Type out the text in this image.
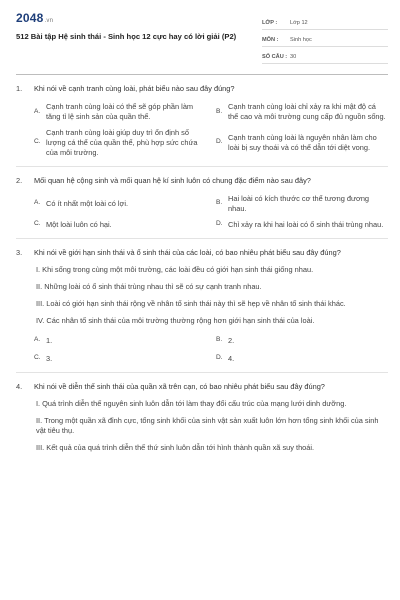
2048.vn
512 Bài tập Hệ sinh thái - Sinh học 12 cực hay có lời giải (P2)
LỚP :	Lớp 12
MÔN :	Sinh học
SỐ CÂU : 30
1.	Khi nói về cạnh tranh cùng loài, phát biểu nào sau đây đúng?
A.
Cạnh tranh cùng loài có thể sẽ góp phần làm tăng tỉ lệ sinh sản của quần thể.
B.
Cạnh tranh cùng loài chỉ xảy ra khi mật độ cá thể cao và môi trường cung cấp đủ nguồn sống.
C.
Cạnh tranh cùng loài giúp duy trì ổn định số lượng cá thể của quần thể, phù hợp sức chứa của môi trường.
D.
Cạnh tranh cùng loài là nguyên nhân làm cho loài bị suy thoái và có thể dẫn tới diệt vong.
2.	Mối quan hệ cộng sinh và mối quan hệ kí sinh luôn có chung đặc điểm nào sau đây?
A. Có ít nhất một loài có lợi.	B.
Hai loài có kích thước cơ thể tương đương nhau.
C. Một loài luôn có hại.	D. Chỉ xảy ra khi hai loài có ổ sinh thái trùng nhau.
3.	Khi nói về giới hạn sinh thái và ổ sinh thái của các loài, có bao nhiêu phát biểu sau đây đúng?
I. Khi sống trong cùng một môi trường, các loài đều có giới hạn sinh thái giống nhau.
II. Những loài có ổ sinh thái trùng nhau thì sẽ có sự cạnh tranh nhau.
III. Loài có giới hạn sinh thái rộng về nhân tố sinh thái này thì sẽ hẹp về nhân tố sinh thái khác.
IV. Các nhân tố sinh thái của môi trường thường rộng hơn giới hạn sinh thái của loài.
A. 1.	B. 2.
C. 3.	D. 4.
4.	Khi nói về diễn thế sinh thái của quần xã trên cạn, có bao nhiêu phát biểu sau đây đúng?
I. Quá trình diễn thế nguyên sinh luôn dẫn tới làm thay đổi cấu trúc của mạng lưới dinh dưỡng.
II. Trong một quần xã đỉnh cực, tổng sinh khối của sinh vật sản xuất luôn lớn hơn tổng sinh khối của sinh vật tiêu thụ.
III. Kết quả của quá trình diễn thế thứ sinh luôn dẫn tới hình thành quần xã suy thoái.
